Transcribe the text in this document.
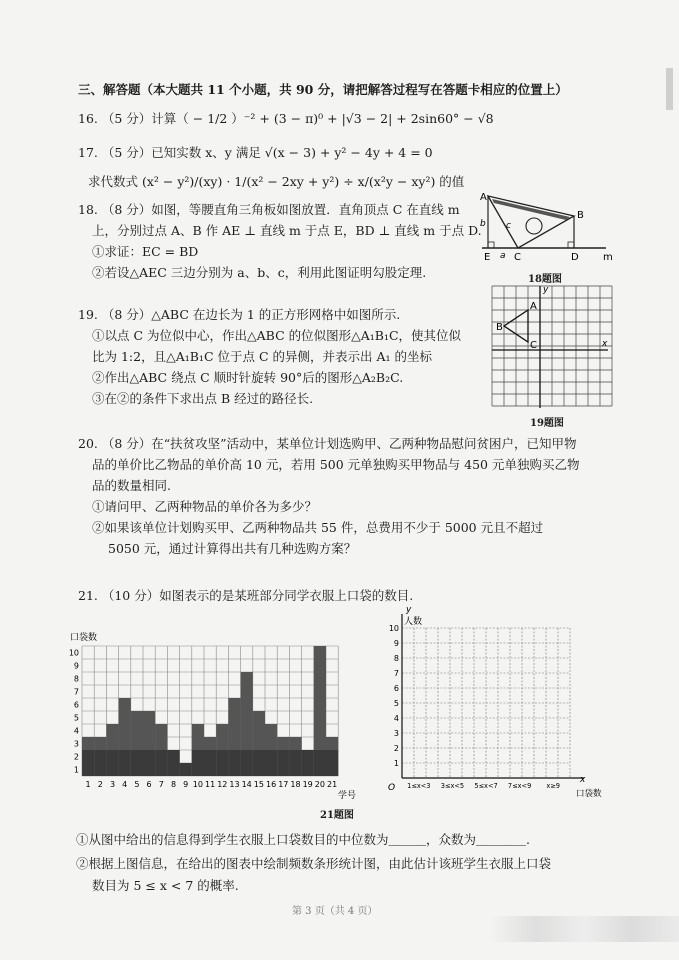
三、解答题（本大题共 11 个小题，共 90 分，请把解答过程写在答题卡相应的位置上）
16. （5 分）计算（ − 1/2 ）⁻² + (3 − π)⁰ + |√3 − 2| + 2sin60° − √8
17. （5 分）已知实数 x、y 满足 √(x − 3) + y² − 4y + 4 = 0
求代数式 (x² − y²)/(xy) · 1/(x² − 2xy + y²) ÷ x/(x²y − xy²) 的值
18. （8 分）如图，等腰直角三角板如图放置．直角顶点 C 在直线 m
上，分别过点 A、B 作 AE ⊥ 直线 m 于点 E，BD ⊥ 直线 m 于点 D.
①求证：EC = BD
②若设△AEC 三边分别为 a、b、c，利用此图证明勾股定理.
A
B
C	D
E	m
a
b c
18题图
19. （8 分）△ABC 在边长为 1 的正方形网格中如图所示.
①以点 C 为位似中心，作出△ABC 的位似图形△A₁B₁C，使其位似
比为 1:2，且△A₁B₁C 位于点 C 的异侧，并表示出 A₁ 的坐标
②作出△ABC 绕点 C 顺时针旋转 90°后的图形△A₂B₂C.
③在②的条件下求出点 B 经过的路径长.
B
A
C	x
y
19题图
20. （8 分）在“扶贫攻坚”活动中，某单位计划选购甲、乙两种物品慰问贫困户，已知甲物
品的单价比乙物品的单价高 10 元，若用 500 元单独购买甲物品与 450 元单独购买乙物
品的数量相同.
①请问甲、乙两种物品的单价各为多少？
②如果该单位计划购买甲、乙两种物品共 55 件，总费用不少于 5000 元且不超过
5050 元，通过计算得出共有几种选购方案？
21. （10 分）如图表示的是某班部分同学衣服上口袋的数目.
口袋数
1
2
3
4
5
6
7
8
9
10
1 2 3 4 5 6 7 8 9 10 11 12 13 14 15 16 17 18 19 20 21
学号
y
人数
1
2
3
4
5
6
7
8
9
10
1≤x<3 3≤x<5 5≤x<7 7≤x<9 x≥9
O
x
口袋数
21题图
①从图中给出的信息得到学生衣服上口袋数目的中位数为＿＿＿，众数为＿＿＿＿.
②根据上图信息，在给出的图表中绘制频数条形统计图，由此估计该班学生衣服上口袋
数目为 5 ≤ x < 7 的概率.
第 3 页（共 4 页）
